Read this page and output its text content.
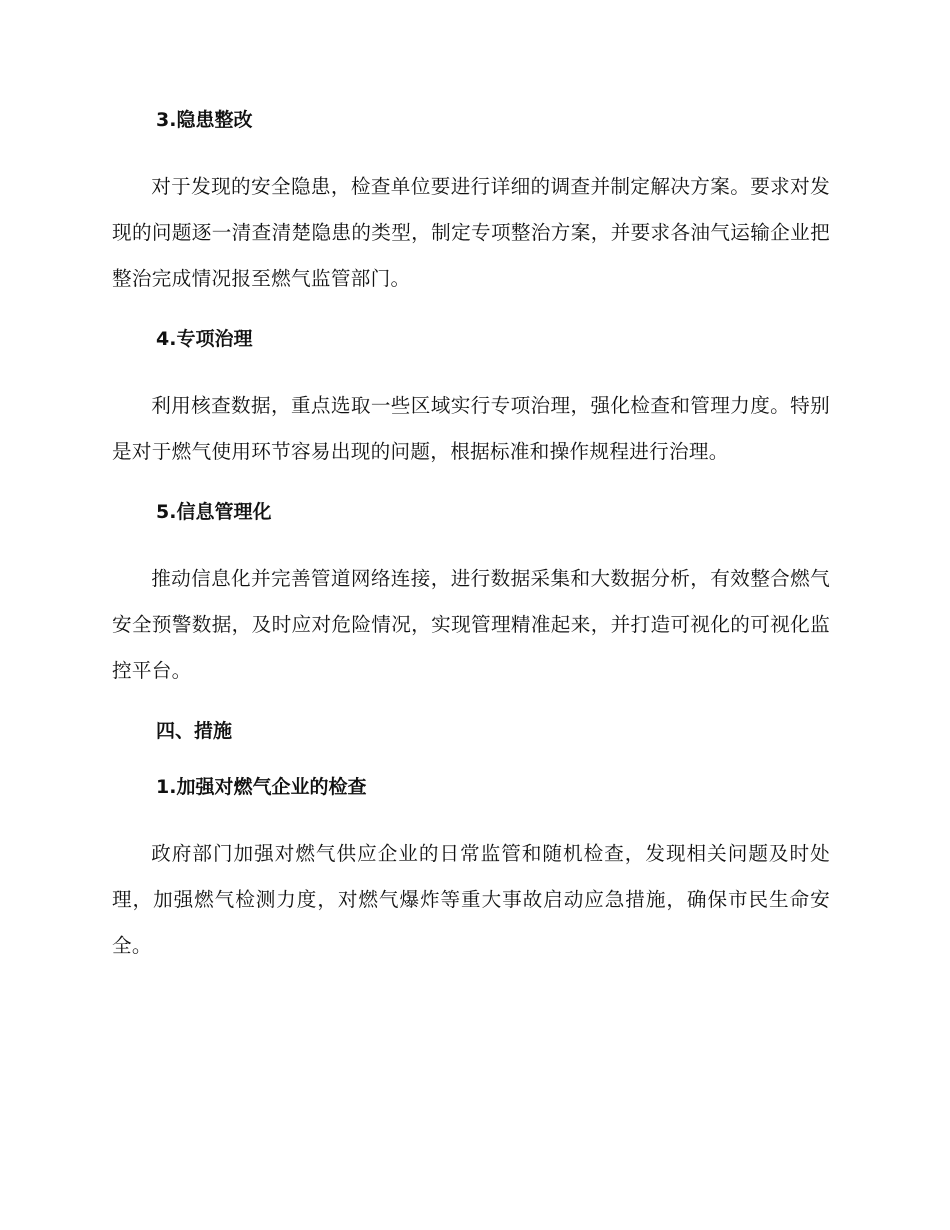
3.隐患整改

对于发现的安全隐患，检查单位要进行详细的调查并制定解决方案。要求对发现的问题逐一清查清楚隐患的类型，制定专项整治方案，并要求各油气运输企业把整治完成情况报至燃气监管部门。

4.专项治理

利用核查数据，重点选取一些区域实行专项治理，强化检查和管理力度。特别是对于燃气使用环节容易出现的问题，根据标准和操作规程进行治理。

5.信息管理化

推动信息化并完善管道网络连接，进行数据采集和大数据分析，有效整合燃气安全预警数据，及时应对危险情况，实现管理精准起来，并打造可视化的可视化监控平台。

四、措施
1.加强对燃气企业的检查

政府部门加强对燃气供应企业的日常监管和随机检查，发现相关问题及时处理，加强燃气检测力度，对燃气爆炸等重大事故启动应急措施，确保市民生命安全。
